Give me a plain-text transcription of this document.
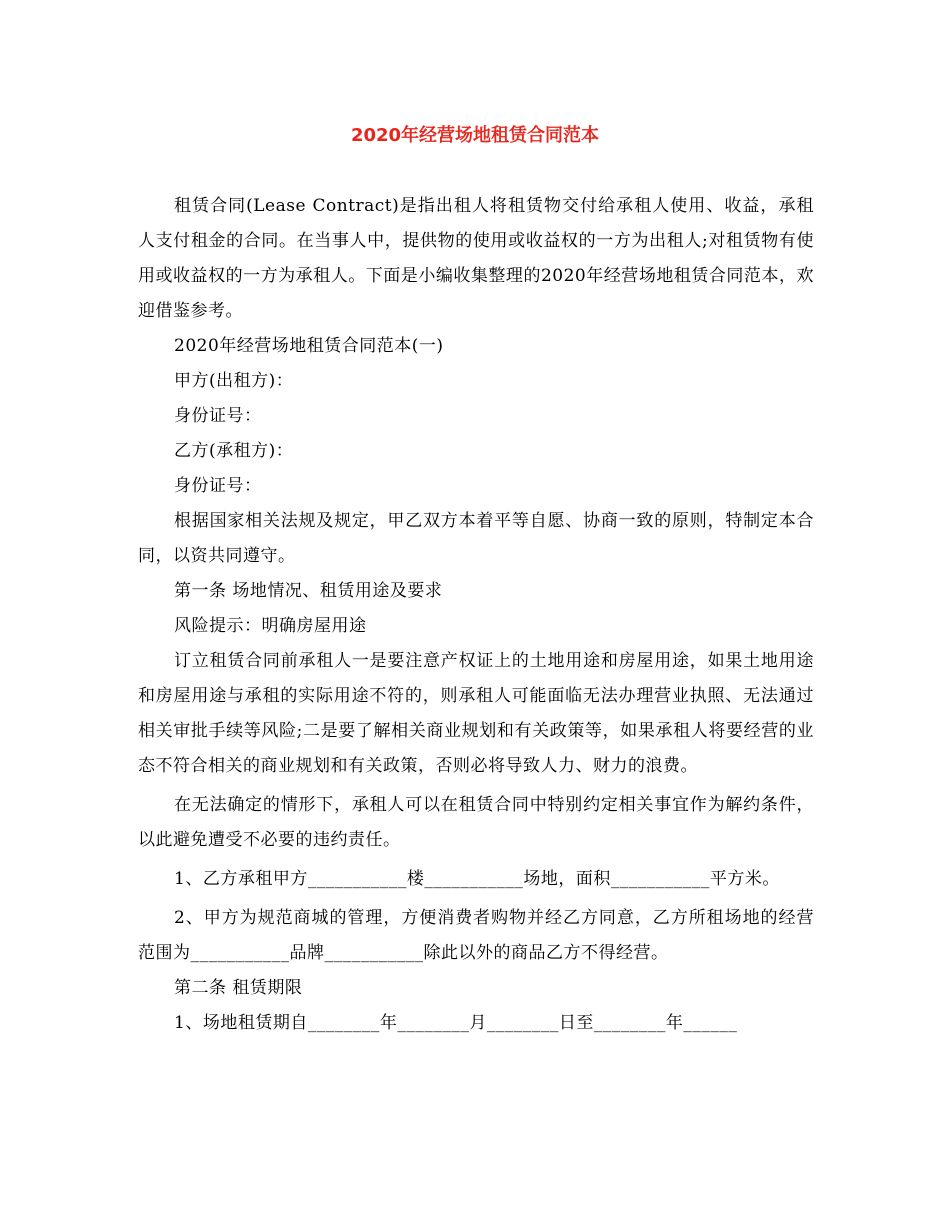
2020年经营场地租赁合同范本

租赁合同(Lease Contract)是指出租人将租赁物交付给承租人使用、收益，承租人支付租金的合同。在当事人中，提供物的使用或收益权的一方为出租人;对租赁物有使用或收益权的一方为承租人。下面是小编收集整理的2020年经营场地租赁合同范本，欢迎借鉴参考。

2020年经营场地租赁合同范本(一)

甲方(出租方)：

身份证号：

乙方(承租方)：

身份证号：

根据国家相关法规及规定，甲乙双方本着平等自愿、协商一致的原则，特制定本合同，以资共同遵守。

第一条 场地情况、租赁用途及要求

风险提示：明确房屋用途

订立租赁合同前承租人一是要注意产权证上的土地用途和房屋用途，如果土地用途和房屋用途与承租的实际用途不符的，则承租人可能面临无法办理营业执照、无法通过相关审批手续等风险;二是要了解相关商业规划和有关政策等，如果承租人将要经营的业态不符合相关的商业规划和有关政策，否则必将导致人力、财力的浪费。

在无法确定的情形下，承租人可以在租赁合同中特别约定相关事宜作为解约条件，以此避免遭受不必要的违约责任。

1、乙方承租甲方___________楼___________场地，面积___________平方米。

2、甲方为规范商城的管理，方便消费者购物并经乙方同意，乙方所租场地的经营范围为___________品牌___________除此以外的商品乙方不得经营。

第二条 租赁期限

1、场地租赁期自________年________月________日至________年______
